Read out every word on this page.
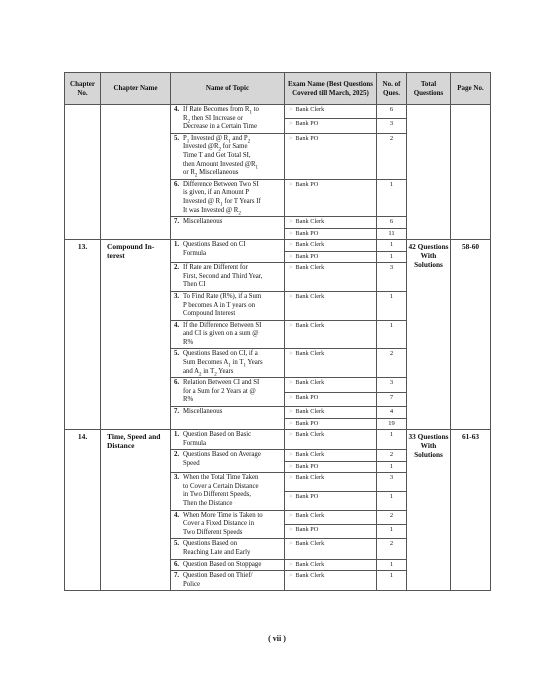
Chapter No.	Chapter Name	Name of Topic	Exam Name (Best Questions Covered till March, 2025)	No. of Ques.	Total Questions	Page No.
		4. If Rate Becomes from $R_1$ to $R_2$ then SI Increase or Decrease in a Certain Time	> Bank Clerk	6		
			> Bank PO	3		
		5. $P_1$ Invested @ $R_1$ and $P_2$ Invested $@R_2$ for Same Time T and Get Total SI, then Amount Invested $@R_1$ or $R_2$ Miscellaneous	> Bank PO	2		
		6. Difference Between Two SI is given, if an Amount P Invested @ $R_1$ for T Years If It was Invested @ $R_2$	> Bank PO	1		
		7. Miscellaneous	> Bank Clerk	6		
			> Bank PO	11		
13.	Compound In-terest	1. Questions Based on CI Formula	> Bank Clerk	1	42 Questions With Solutions	58-60
			> Bank PO	1		
		2. If Rate are Different for First, Second and Third Year, Then CI	> Bank Clerk	3		
		3. To Find Rate (R%), if a Sum P becomes A in T years on Compound Interest	> Bank Clerk	1		
		4. If the Difference Between SI and CI is given on a sum @ R%	> Bank Clerk	1		
		5. Questions Based on CI, if a Sum Becomes $A_1$ in $T_1$ Years and $A_2$ in $T_2$ Years	> Bank Clerk	2		
		6. Relation Between CI and SI for a Sum for 2 Years at @ R%	> Bank Clerk	3		
			> Bank PO	7		
		7. Miscellaneous	> Bank Clerk	4		
			> Bank PO	19		
14.	Time, Speed and Distance	1. Question Based on Basic Formula	> Bank Clerk	1	33 Questions With Solutions	61-63
		2. Questions Based on Average Speed	> Bank Clerk	2		
			> Bank PO	1		
		3. When the Total Time Taken to Cover a Certain Distance in Two Different Speeds, Then the Distance	> Bank Clerk	3		
			> Bank PO	1		
		4. When More Time is Taken to Cover a Fixed Distance in Two Different Speeds	> Bank Clerk	2		
			> Bank PO	1		
		5. Questions Based on Reaching Late and Early	> Bank Clerk	2		
		6. Question Based on Stoppage	> Bank Clerk	1		
		7. Question Based on Thief/ Police	> Bank Clerk	1		
( vii )
